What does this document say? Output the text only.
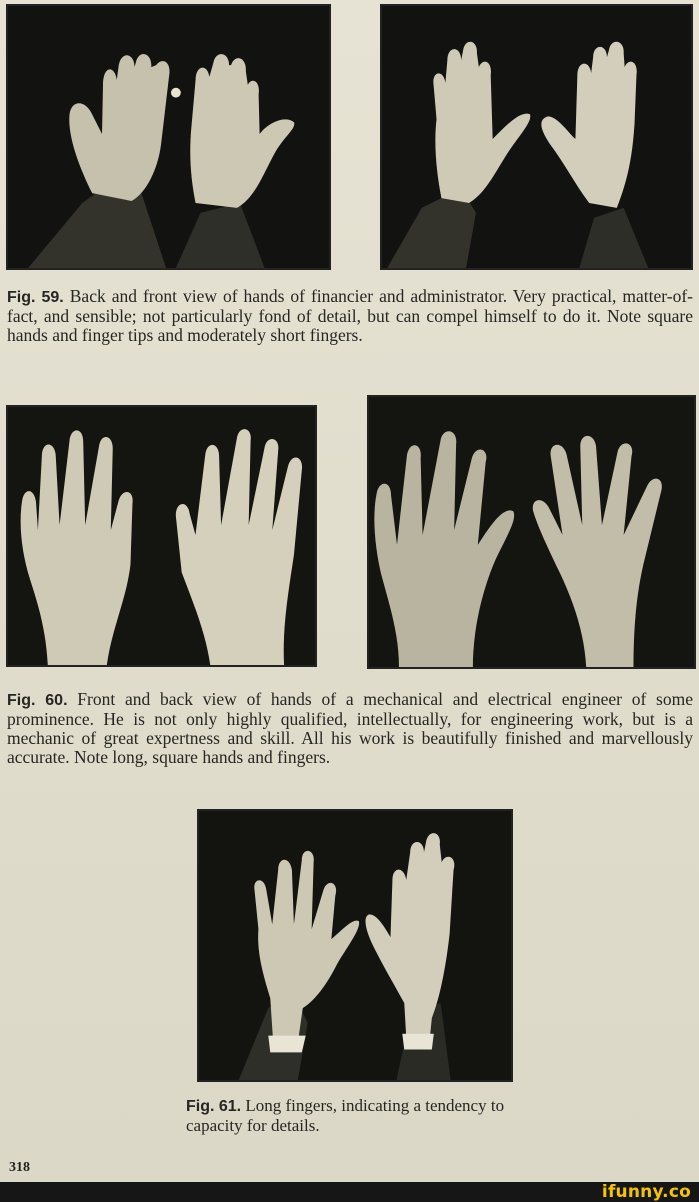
Fig. 59. Back and front view of hands of financier and administrator. Very practical, matter-of-fact, and sensible; not particularly fond of detail, but can compel himself to do it. Note square hands and finger tips and moderately short fingers.

Fig. 60. Front and back view of hands of a mechanical and electrical engineer of some prominence. He is not only highly qualified, intellectually, for engineering work, but is a mechanic of great expertness and skill. All his work is beautifully finished and marvellously accurate. Note long, square hands and fingers.

Fig. 61. Long fingers, indicating a tendency to capacity for details.

318
ifunny.co
